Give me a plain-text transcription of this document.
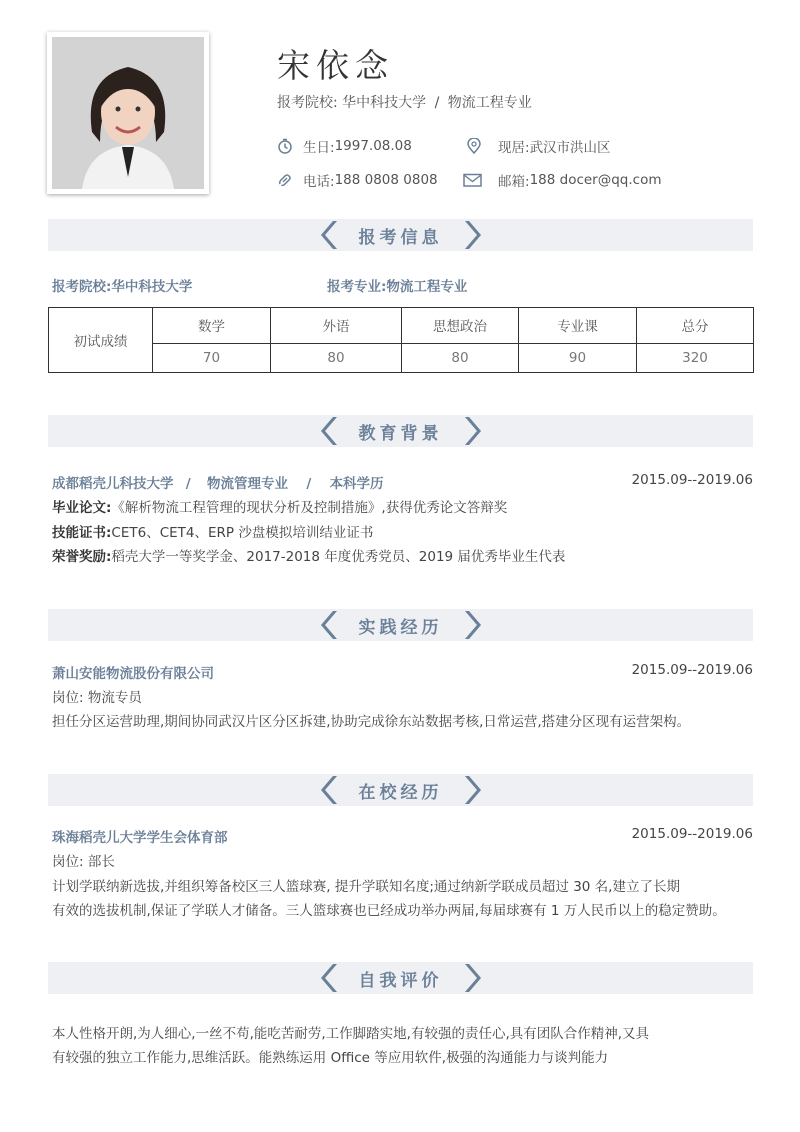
宋依念
报考院校: 华中科技大学 / 物流工程专业
生日: 1997.08.08	现居: 武汉市洪山区
电话: 188 0808 0808	邮箱: 188 docer@qq.com
报考信息
报考院校:华中科技大学	报考专业:物流工程专业
初试成绩	数学	外语	思想政治	专业课	总分
	70	80	80	90	320
教育背景
成都稻壳儿科技大学 / 物流管理专业 / 本科学历	2015.09--2019.06
毕业论文:《解析物流工程管理的现状分析及控制措施》,获得优秀论文答辩奖
技能证书:CET6、CET4、ERP 沙盘模拟培训结业证书
荣誉奖励:稻壳大学一等奖学金、2017-2018 年度优秀党员、2019 届优秀毕业生代表
实践经历
萧山安能物流股份有限公司	2015.09--2019.06
岗位: 物流专员
担任分区运营助理,期间协同武汉片区分区拆建,协助完成徐东站数据考核,日常运营,搭建分区现有运营架构。
在校经历
珠海稻壳儿大学学生会体育部	2015.09--2019.06
岗位: 部长
计划学联纳新选拔,并组织筹备校区三人篮球赛, 提升学联知名度;通过纳新学联成员超过 30 名,建立了长期
有效的选拔机制,保证了学联人才储备。三人篮球赛也已经成功举办两届,每届球赛有 1 万人民币以上的稳定赞助。
自我评价
本人性格开朗,为人细心,一丝不苟,能吃苦耐劳,工作脚踏实地,有较强的责任心,具有团队合作精神,又具
有较强的独立工作能力,思维活跃。能熟练运用 Office 等应用软件,极强的沟通能力与谈判能力
